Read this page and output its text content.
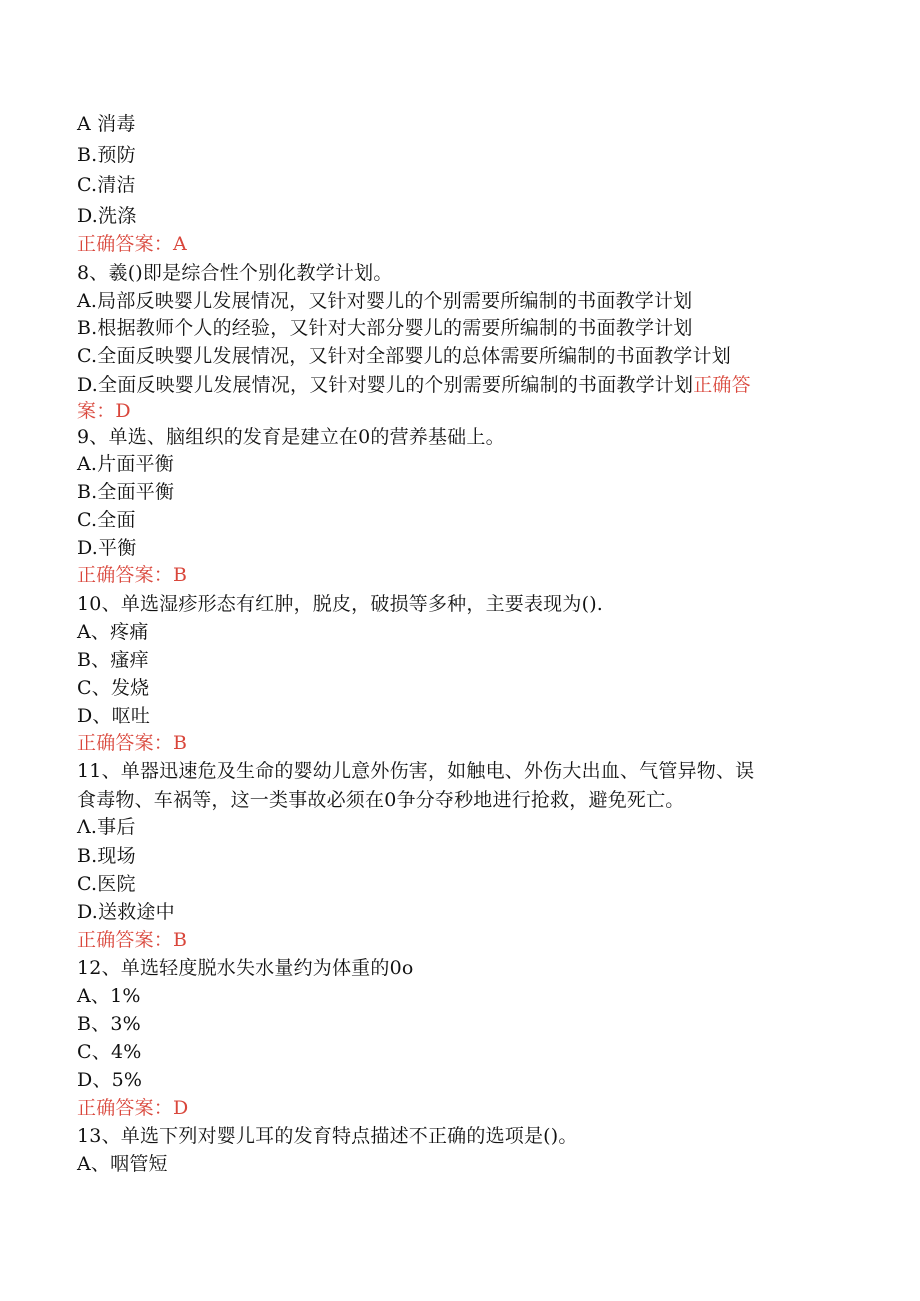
A 消毒
B.预防
C.清洁
D.洗涤
正确答案：A
8、羲()即是综合性个别化教学计划。
A.局部反映婴儿发展情况，又针对婴儿的个别需要所编制的书面教学计划
B.根据教师个人的经验，又针对大部分婴儿的需要所编制的书面教学计划
C.全面反映婴儿发展情况，又针对全部婴儿的总体需要所编制的书面教学计划
D.全面反映婴儿发展情况，又针对婴儿的个别需要所编制的书面教学计划正确答
案：D
9、单选、脑组织的发育是建立在0的营养基础上。
A.片面平衡
B.全面平衡
C.全面
D.平衡
正确答案：B
10、单选湿疹形态有红肿，脱皮，破损等多种，主要表现为().
A、疼痛
B、瘙痒
C、发烧
D、呕吐
正确答案：B
11、单器迅速危及生命的婴幼儿意外伤害，如触电、外伤大出血、气管异物、误
食毒物、车祸等，这一类事故必须在0争分夺秒地进行抢救，避免死亡。
Λ.事后
B.现场
C.医院
D.送救途中
正确答案：B
12、单选轻度脱水失水量约为体重的0o
A、1%
B、3%
C、4%
D、5%
正确答案：D
13、单选下列对婴儿耳的发育特点描述不正确的选项是()。
A、咽管短
